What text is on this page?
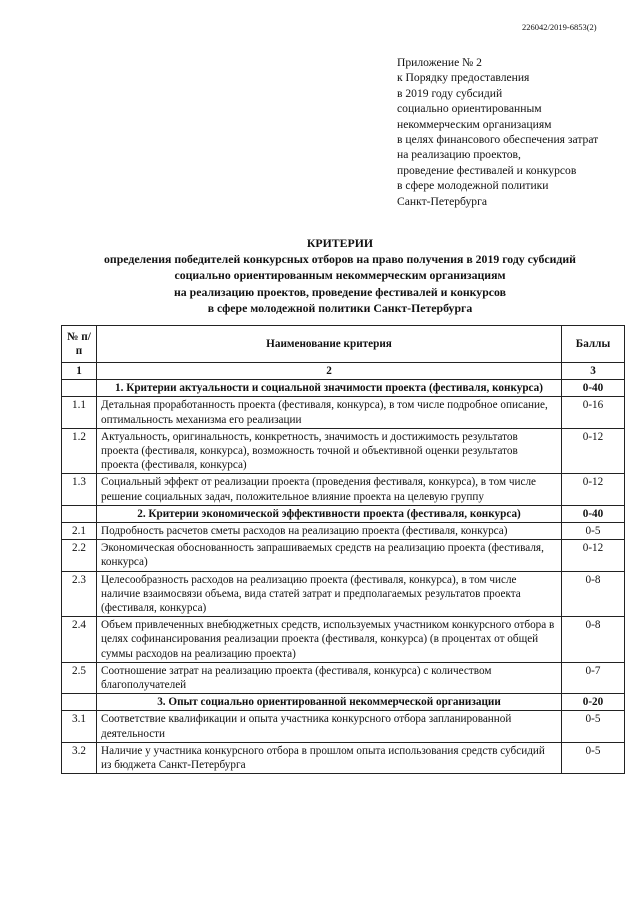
226042/2019-6853(2)
Приложение № 2
к Порядку предоставления
в 2019 году субсидий
социально ориентированным
некоммерческим организациям
в целях финансового обеспечения затрат
на реализацию проектов,
проведение фестивалей и конкурсов
в сфере молодежной политики
Санкт-Петербурга
КРИТЕРИИ
определения победителей конкурсных отборов на право получения в 2019 году субсидий
социально ориентированным некоммерческим организациям
на реализацию проектов, проведение фестивалей и конкурсов
в сфере молодежной политики Санкт-Петербурга
№ п/п	Наименование критерия	Баллы
1	2	3
	1. Критерии актуальности и социальной значимости проекта (фестиваля, конкурса)	0-40
1.1	Детальная проработанность проекта (фестиваля, конкурса), в том числе подробное описание, оптимальность механизма его реализации	0-16
1.2	Актуальность, оригинальность, конкретность, значимость и достижимость результатов проекта (фестиваля, конкурса), возможность точной и объективной оценки результатов проекта (фестиваля, конкурса)	0-12
1.3	Социальный эффект от реализации проекта (проведения фестиваля, конкурса), в том числе решение социальных задач, положительное влияние проекта на целевую группу	0-12
	2. Критерии экономической эффективности проекта (фестиваля, конкурса)	0-40
2.1	Подробность расчетов сметы расходов на реализацию проекта (фестиваля, конкурса)	0-5
2.2	Экономическая обоснованность запрашиваемых средств на реализацию проекта (фестиваля, конкурса)	0-12
2.3	Целесообразность расходов на реализацию проекта (фестиваля, конкурса), в том числе наличие взаимосвязи объема, вида статей затрат и предполагаемых результатов проекта (фестиваля, конкурса)	0-8
2.4	Объем привлеченных внебюджетных средств, используемых участником конкурсного отбора в целях софинансирования реализации проекта (фестиваля, конкурса) (в процентах от общей суммы расходов на реализацию проекта)	0-8
2.5	Соотношение затрат на реализацию проекта (фестиваля, конкурса) с количеством благополучателей	0-7
	3. Опыт социально ориентированной некоммерческой организации	0-20
3.1	Соответствие квалификации и опыта участника конкурсного отбора запланированной деятельности	0-5
3.2	Наличие у участника конкурсного отбора в прошлом опыта использования средств субсидий из бюджета Санкт-Петербурга	0-5
